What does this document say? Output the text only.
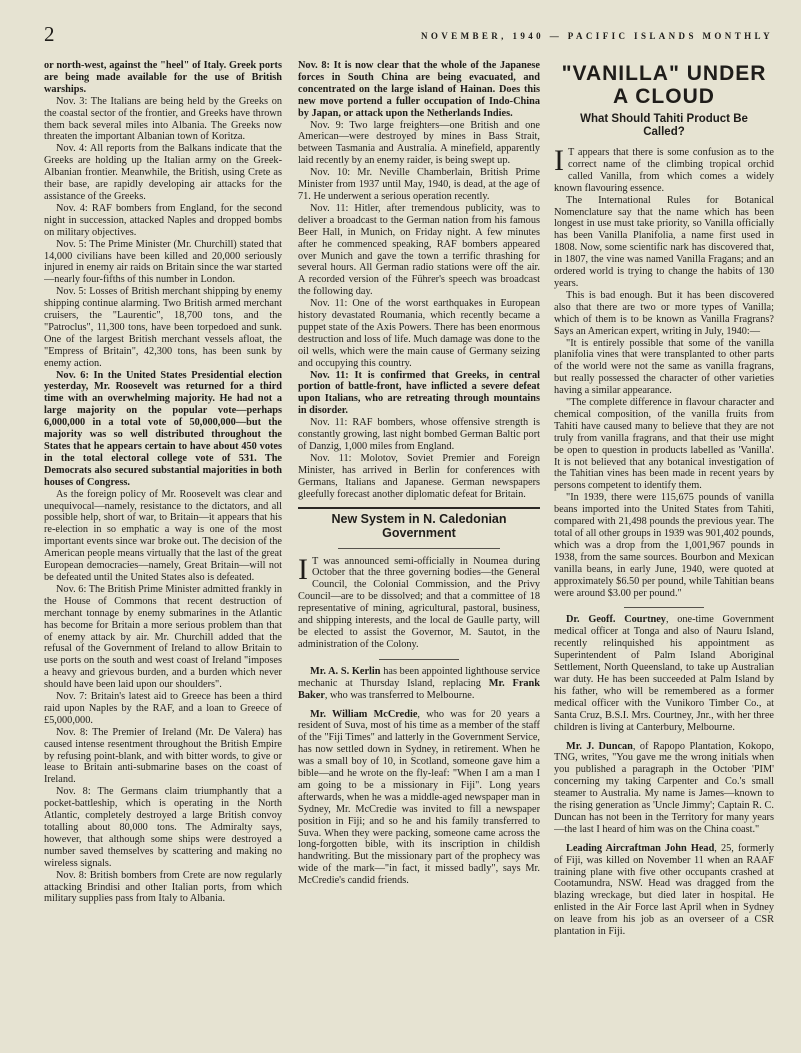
2	NOVEMBER, 1940 — PACIFIC ISLANDS MONTHLY

or north-west, against the "heel" of Italy. Greek ports are being made available for the use of British warships.

Nov. 3: The Italians are being held by the Greeks on the coastal sector of the frontier, and Greeks have thrown them back several miles into Albania. The Greeks now threaten the important Albanian town of Koritza.

Nov. 4: All reports from the Balkans indicate that the Greeks are holding up the Italian army on the Greek-Albanian frontier. Meanwhile, the British, using Crete as their base, are rapidly developing air attacks for the assistance of the Greeks.

Nov. 4: RAF bombers from England, for the second night in succession, attacked Naples and dropped bombs on military objectives.

Nov. 5: The Prime Minister (Mr. Churchill) stated that 14,000 civilians have been killed and 20,000 seriously injured in enemy air raids on Britain since the war started—nearly four-fifths of this number in London.

Nov. 5: Losses of British merchant shipping by enemy shipping continue alarming. Two British armed merchant cruisers, the "Laurentic", 18,700 tons, and the "Patroclus", 11,300 tons, have been torpedoed and sunk. One of the largest British merchant vessels afloat, the "Empress of Britain", 42,300 tons, has been sunk by enemy action.

Nov. 6: In the United States Presidential election yesterday, Mr. Roosevelt was returned for a third time with an overwhelming majority. He had not a large majority on the popular vote—perhaps 6,000,000 in a total vote of 50,000,000—but the majority was so well distributed throughout the States that he appears certain to have about 450 votes in the total electoral college vote of 531. The Democrats also secured substantial majorities in both houses of Congress.

As the foreign policy of Mr. Roosevelt was clear and unequivocal—namely, resistance to the dictators, and all possible help, short of war, to Britain—it appears that his re-election in so emphatic a way is one of the most important events since war broke out. The decision of the American people means virtually that the last of the great European democracies—namely, Great Britain—will not be defeated until the United States also is defeated.

Nov. 6: The British Prime Minister admitted frankly in the House of Commons that recent destruction of merchant tonnage by enemy submarines in the Atlantic has become for Britain a more serious problem than that of enemy attack by air. Mr. Churchill added that the refusal of the Government of Ireland to allow Britain to use ports on the south and west coast of Ireland "imposes a heavy and grievous burden, and a burden which never should have been laid upon our shoulders".

Nov. 7: Britain's latest aid to Greece has been a third raid upon Naples by the RAF, and a loan to Greece of £5,000,000.

Nov. 8: The Premier of Ireland (Mr. De Valera) has caused intense resentment throughout the British Empire by refusing point-blank, and with bitter words, to give or lease to Britain anti-submarine bases on the coast of Ireland.

Nov. 8: The Germans claim triumphantly that a pocket-battleship, which is operating in the North Atlantic, completely destroyed a large British convoy totalling about 80,000 tons. The Admiralty says, however, that although some ships were destroyed a number saved themselves by scattering and making no wireless signals.

Nov. 8: British bombers from Crete are now regularly attacking Brindisi and other Italian ports, from which military supplies pass from Italy to Albania.

Nov. 8: It is now clear that the whole of the Japanese forces in South China are being evacuated, and concentrated on the large island of Hainan. Does this new move portend a fuller occupation of Indo-China by Japan, or attack upon the Netherlands Indies.

Nov. 9: Two large freighters—one British and one American—were destroyed by mines in Bass Strait, between Tasmania and Australia. A minefield, apparently laid recently by an enemy raider, is being swept up.

Nov. 10: Mr. Neville Chamberlain, British Prime Minister from 1937 until May, 1940, is dead, at the age of 71. He underwent a serious operation recently.

Nov. 11: Hitler, after tremendous publicity, was to deliver a broadcast to the German nation from his famous Beer Hall, in Munich, on Friday night. A few minutes after he commenced speaking, RAF bombers appeared over Munich and gave the town a terrific thrashing for several hours. All German radio stations were off the air. A recorded version of the Führer's speech was broadcast the following day.

Nov. 11: One of the worst earthquakes in European history devastated Roumania, which recently became a puppet state of the Axis Powers. There has been enormous destruction and loss of life. Much damage was done to the oil wells, which were the main cause of Germany seizing and occupying this country.

Nov. 11: It is confirmed that Greeks, in central portion of battle-front, have inflicted a severe defeat upon Italians, who are retreating through mountains in disorder.

Nov. 11: RAF bombers, whose offensive strength is constantly growing, last night bombed German Baltic port of Danzig, 1,000 miles from England.

Nov. 11: Molotov, Soviet Premier and Foreign Minister, has arrived in Berlin for conferences with Germans, Italians and Japanese. German newspapers gleefully forecast another diplomatic defeat for Britain.

New System in N. Caledonian Government

I T was announced semi-officially in Noumea during October that the three governing bodies—the General Council, the Colonial Commission, and the Privy Council—are to be dissolved; and that a committee of 18 representative of mining, agricultural, pastoral, business, and shipping interests, and the local de Gaulle party, will be elected to assist the Governor, M. Sautot, in the administration of the Colony.

Mr. A. S. Kerlin has been appointed lighthouse service mechanic at Thursday Island, replacing Mr. Frank Baker, who was transferred to Melbourne.

Mr. William McCredie, who was for 20 years a resident of Suva, most of his time as a member of the staff of the "Fiji Times" and latterly in the Government Service, has now settled down in Sydney, in retirement. When he was a small boy of 10, in Scotland, someone gave him a bible—and he wrote on the fly-leaf: "When I am a man I am going to be a missionary in Fiji". Long years afterwards, when he was a middle-aged newspaper man in Sydney, Mr. McCredie was invited to fill a newspaper position in Fiji; and so he and his family transferred to Suva. When they were packing, someone came across the long-forgotten bible, with its inscription in childish handwriting. But the missionary part of the prophecy was wide of the mark—"in fact, it missed badly", says Mr. McCredie's candid friends.

"VANILLA" UNDER A CLOUD
What Should Tahiti Product Be Called?

I T appears that there is some confusion as to the correct name of the climbing tropical orchid called Vanilla, from which comes a widely known flavouring essence.

The International Rules for Botanical Nomenclature say that the name which has been longest in use must take priority, so Vanilla officially has been Vanilla Planifolia, a name first used in 1808. Now, some scientific nark has discovered that, in 1807, the vine was named Vanilla Fragans; and an ordered world is trying to change the habits of 130 years.

This is bad enough. But it has been discovered also that there are two or more types of Vanilla; which of them is to be known as Vanilla Fragrans? Says an American expert, writing in July, 1940:—

"It is entirely possible that some of the vanilla planifolia vines that were transplanted to other parts of the world were not the same as vanilla fragrans, but really possessed the character of other varieties having a similar appearance.

"The complete difference in flavour character and chemical composition, of the vanilla fruits from Tahiti have caused many to believe that they are not truly from vanilla fragrans, and that their use might be open to question in products labelled as 'Vanilla'. It is not believed that any botanical investigation of the Tahitian vines has been made in recent years by persons competent to identify them.

"In 1939, there were 115,675 pounds of vanilla beans imported into the United States from Tahiti, compared with 21,498 pounds the previous year. The total of all other groups in 1939 was 901,402 pounds, which was a drop from the 1,001,967 pounds in 1938, from the same sources. Bourbon and Mexican vanilla beans, in early June, 1940, were quoted at approximately $6.50 per pound, while Tahitian beans were around $3.00 per pound."

Dr. Geoff. Courtney, one-time Government medical officer at Tonga and also of Nauru Island, recently relinquished his appointment as Superintendent of Palm Island Aboriginal Settlement, North Queensland, to take up Australian war duty. He has been succeeded at Palm Island by his father, who will be remembered as a former medical officer with the Vunikoro Timber Co., at Santa Cruz, B.S.I. Mrs. Courtney, Jnr., with her three children is living at Canterbury, Melbourne.

Mr. J. Duncan, of Rapopo Plantation, Kokopo, TNG, writes, "You gave me the wrong initials when you published a paragraph in the October 'PIM' concerning my taking Carpenter and Co.'s small steamer to Australia. My name is James—known to the rising generation as 'Uncle Jimmy'; Captain R. C. Duncan has not been in the Territory for many years—the last I heard of him was on the China coast."

Leading Aircraftman John Head, 25, formerly of Fiji, was killed on November 11 when an RAAF training plane with five other occupants crashed at Cootamundra, NSW. Head was dragged from the blazing wreckage, but died later in hospital. He enlisted in the Air Force last April when in Sydney on leave from his job as an overseer of a CSR plantation in Fiji.
